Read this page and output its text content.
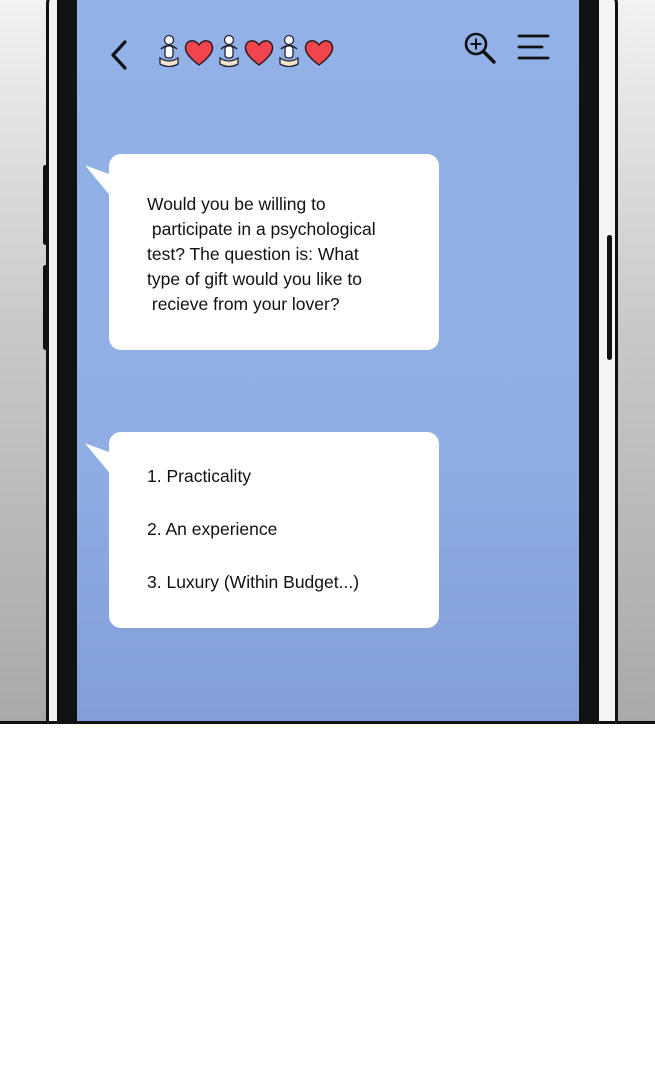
Would you be willing to
participate in a psychological
test? The question is: What
type of gift would you like to
recieve from your lover?
1. Practicality
2. An experience
3. Luxury (Within Budget...)
